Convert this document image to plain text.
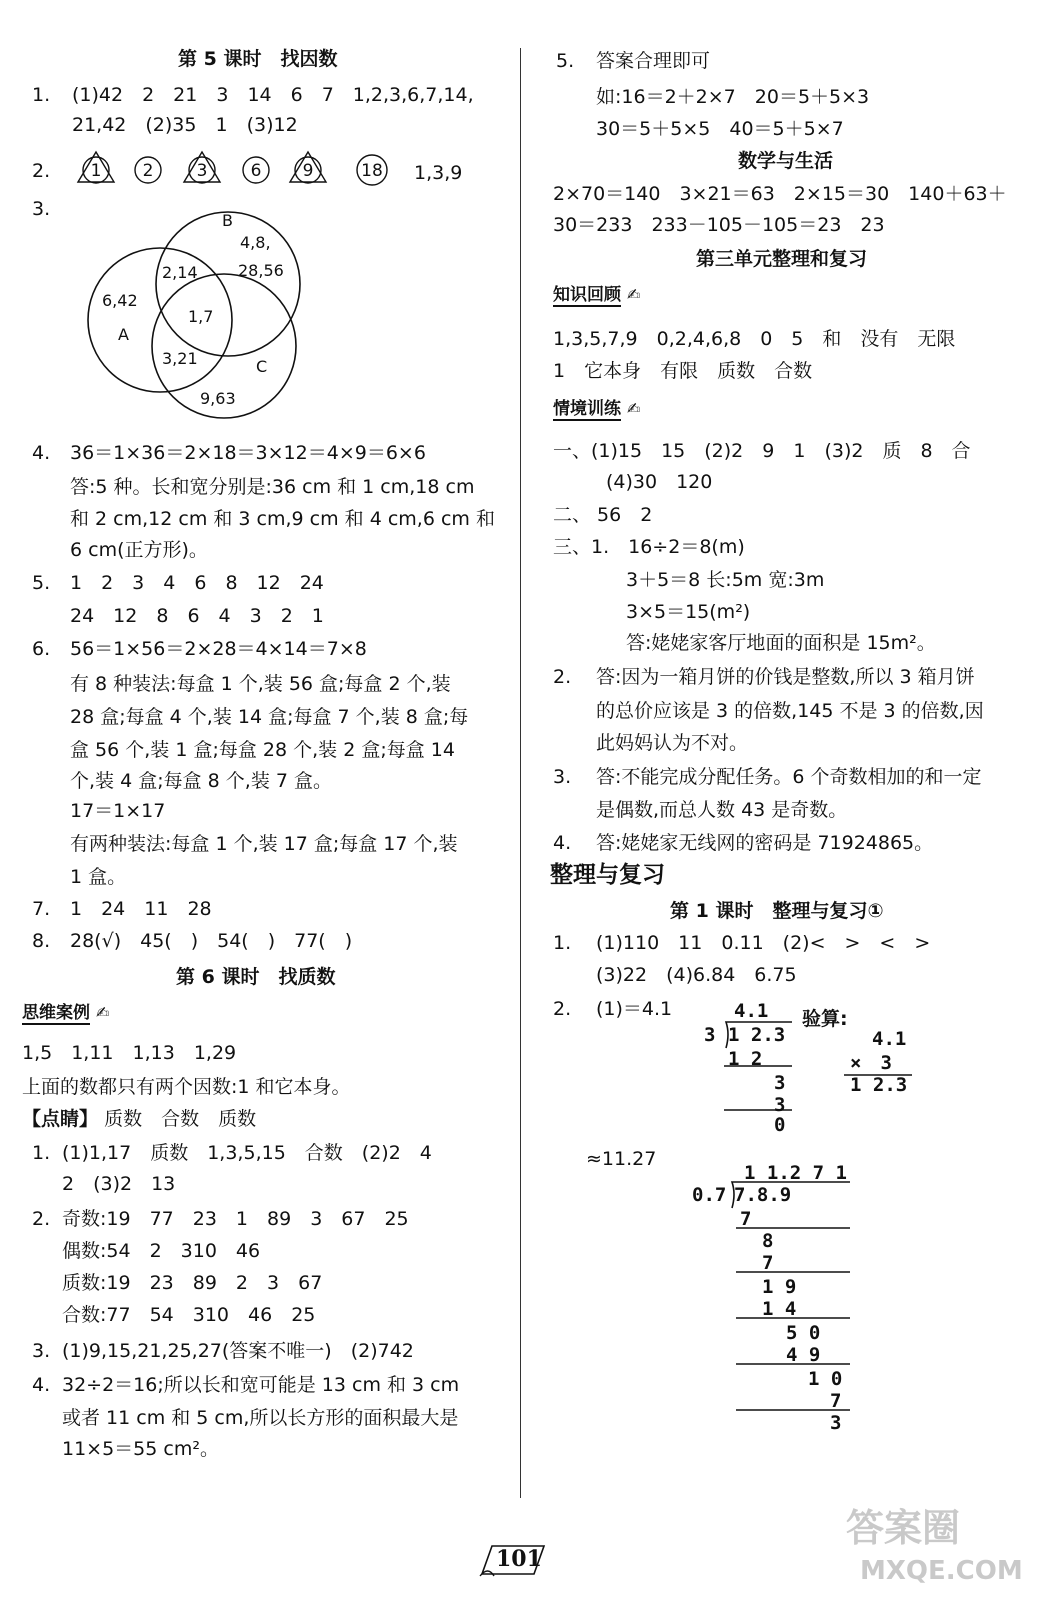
第 5 课时　找因数
1. (1)42　2　21　3　14　6　7　1,2,3,6,7,14,
21,42　(2)35　1　(3)12
2. 1 2	3	6 9	18 1,3,9
3.
B
A
C
4,8,
28,56
6,42
2,14
1,7
3,21
9,63
4. 36＝1×36＝2×18＝3×12＝4×9＝6×6
答:5 种。长和宽分别是:36 cm 和 1 cm,18 cm
和 2 cm,12 cm 和 3 cm,9 cm 和 4 cm,6 cm 和
6 cm(正方形)。
5. 1　2　3　4　6　8　12　24
24　12　8　6　4　3　2　1
6. 56＝1×56＝2×28＝4×14＝7×8
有 8 种装法:每盒 1 个,装 56 盒;每盒 2 个,装
28 盒;每盒 4 个,装 14 盒;每盒 7 个,装 8 盒;每
盒 56 个,装 1 盒;每盒 28 个,装 2 盒;每盒 14
个,装 4 盒;每盒 8 个,装 7 盒。
17＝1×17
有两种装法:每盒 1 个,装 17 盒;每盒 17 个,装
1 盒。
7. 1　24　11　28
8. 28(√)　45(　)　54(　)　77(　)
第 6 课时　找质数
思维案例 ✍
1,5　1,11　1,13　1,29
上面的数都只有两个因数:1 和它本身。
【点睛】 质数　合数　质数
1. (1)1,17　质数　1,3,5,15　合数　(2)2　4
2　(3)2　13
2. 奇数:19　77　23　1　89　3　67　25
偶数:54　2　310　46
质数:19　23　89　2　3　67
合数:77　54　310　46　25
3. (1)9,15,21,25,27(答案不唯一)　(2)742
4. 32÷2＝16;所以长和宽可能是 13 cm 和 3 cm
或者 11 cm 和 5 cm,所以长方形的面积最大是
11×5＝55 cm²。
5. 答案合理即可
如:16＝2＋2×7　20＝5＋5×3
30＝5＋5×5　40＝5＋5×7
数学与生活
2×70＝140　3×21＝63　2×15＝30　140＋63＋
30＝233　233－105－105＝23　23
第三单元整理和复习
知识回顾 ✍
1,3,5,7,9　0,2,4,6,8　0　5　和　没有　无限
1　它本身　有限　质数　合数
情境训练 ✍
一、(1)15　15　(2)2　9　1　(3)2　质　8　合
(4)30　120
二、 56　2
三、1.　16÷2＝8(m)
3＋5＝8 长:5m 宽:3m
3×5＝15(m²)
答:姥姥家客厅地面的面积是 15m²。
2. 答:因为一箱月饼的价钱是整数,所以 3 箱月饼
的总价应该是 3 的倍数,145 不是 3 的倍数,因
此妈妈认为不对。
3. 答:不能完成分配任务。6 个奇数相加的和一定
是偶数,而总人数 43 是奇数。
4. 答:姥姥家无线网的密码是 71924865。
整理与复习
第 1 课时　整理与复习①
1. (1)110　11　0.11　(2)<　>　<　>
(3)22　(4)6.84　6.75
2. (1)＝4.1	4.1
3 1 2.3
1 2
3
3
0
验算:
4.1
×　3
1 2.3
≈11.27
1 1.2 7 1
0.7 7.8.9
7
8
7
1 9
1 4
5 0
4 9
1 0
7
3
101
答案圈
MXQE.COM
